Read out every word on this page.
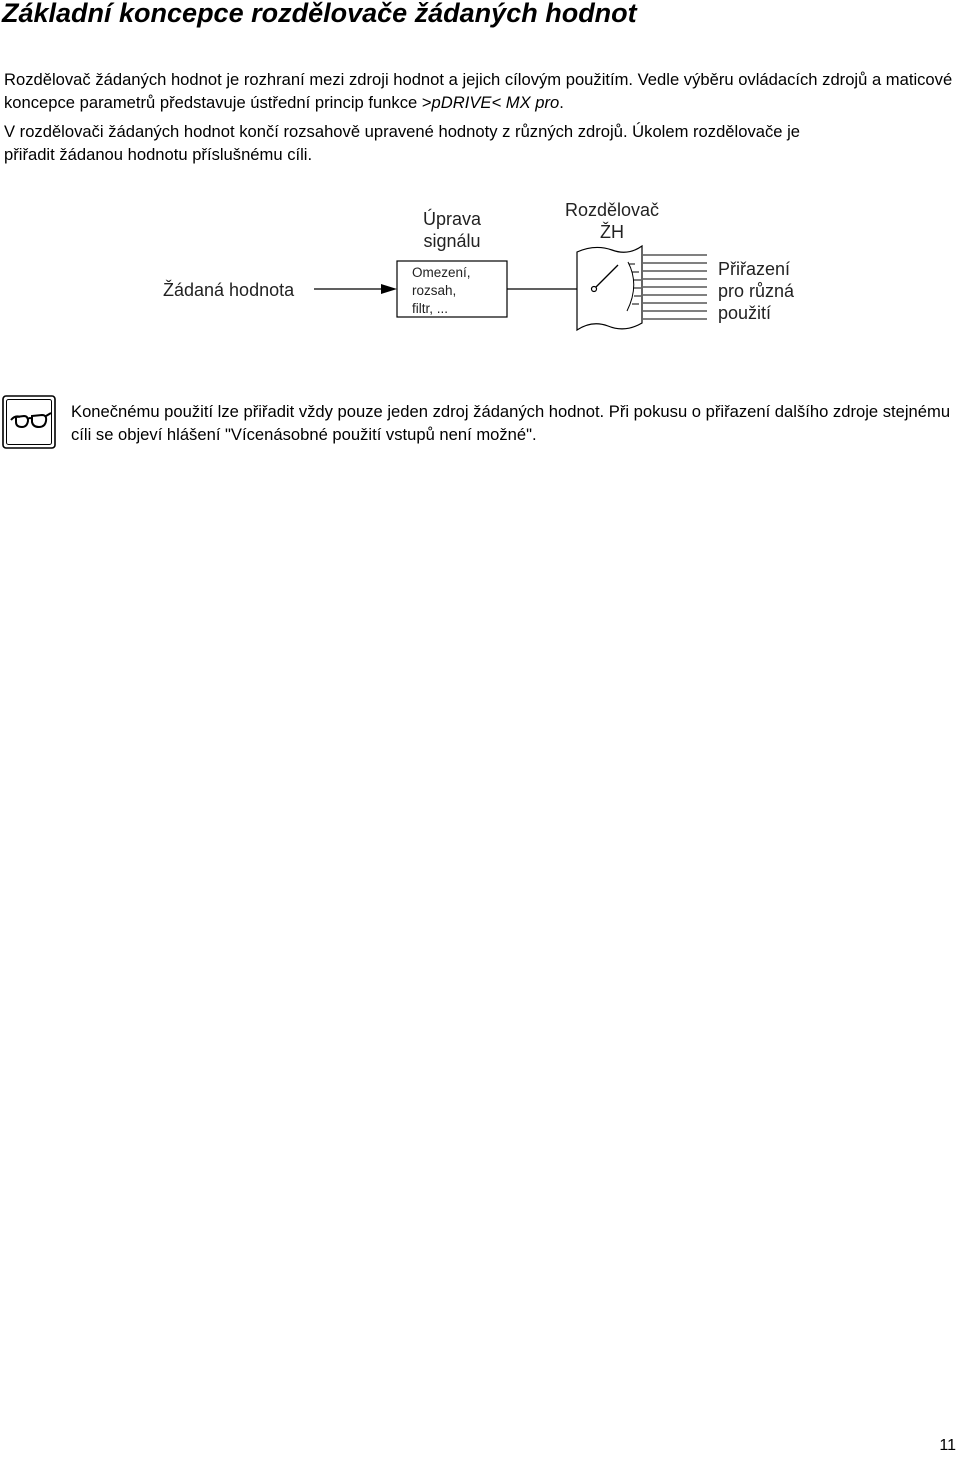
Základní koncepce rozdělovače žádaných hodnot

Rozdělovač žádaných hodnot je rozhraní mezi zdroji hodnot a jejich cílovým použitím. Vedle výběru ovládacích zdrojů a maticové koncepce parametrů představuje ústřední princip funkce >pDRIVE< MX pro.

V rozdělovači žádaných hodnot končí rozsahově upravené hodnoty z různých zdrojů. Úkolem rozdělovače je
přiřadit žádanou hodnotu příslušnému cíli.

Žádaná hodnota
Úprava
signálu
Omezení,
rozsah,
filtr, ...
Rozdělovač
ŽH
Přiřazení
pro různá
použití

Konečnému použití lze přiřadit vždy pouze jeden zdroj žádaných hodnot. Při pokusu o přiřazení dalšího zdroje stejnému cíli se objeví hlášení "Vícenásobné použití vstupů není možné".

11
